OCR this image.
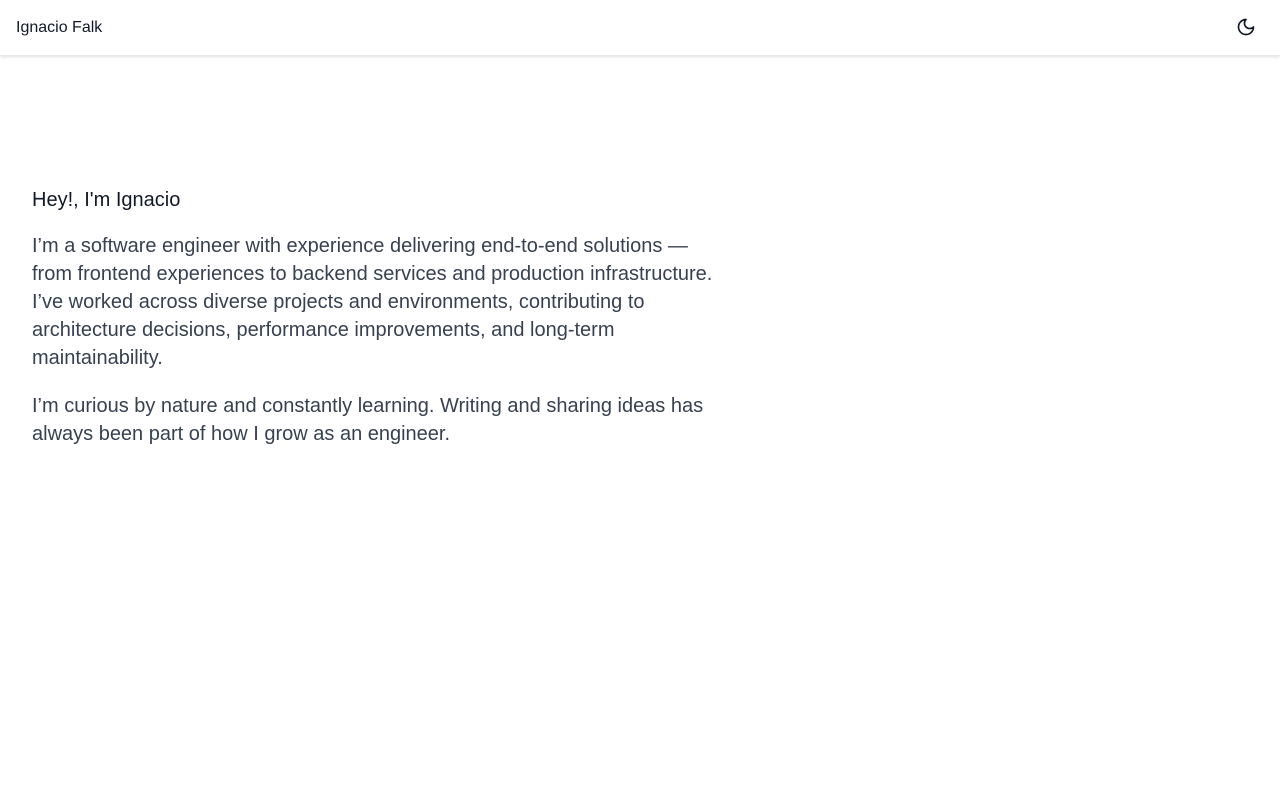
Ignacio Falk
Hey!, I'm Ignacio

I’m a software engineer with experience delivering end-to-end solutions — from frontend experiences to backend services and production infrastructure. I’ve worked across diverse projects and environments, contributing to architecture decisions, performance improvements, and long-term maintainability.

I’m curious by nature and constantly learning. Writing and sharing ideas has always been part of how I grow as an engineer.
